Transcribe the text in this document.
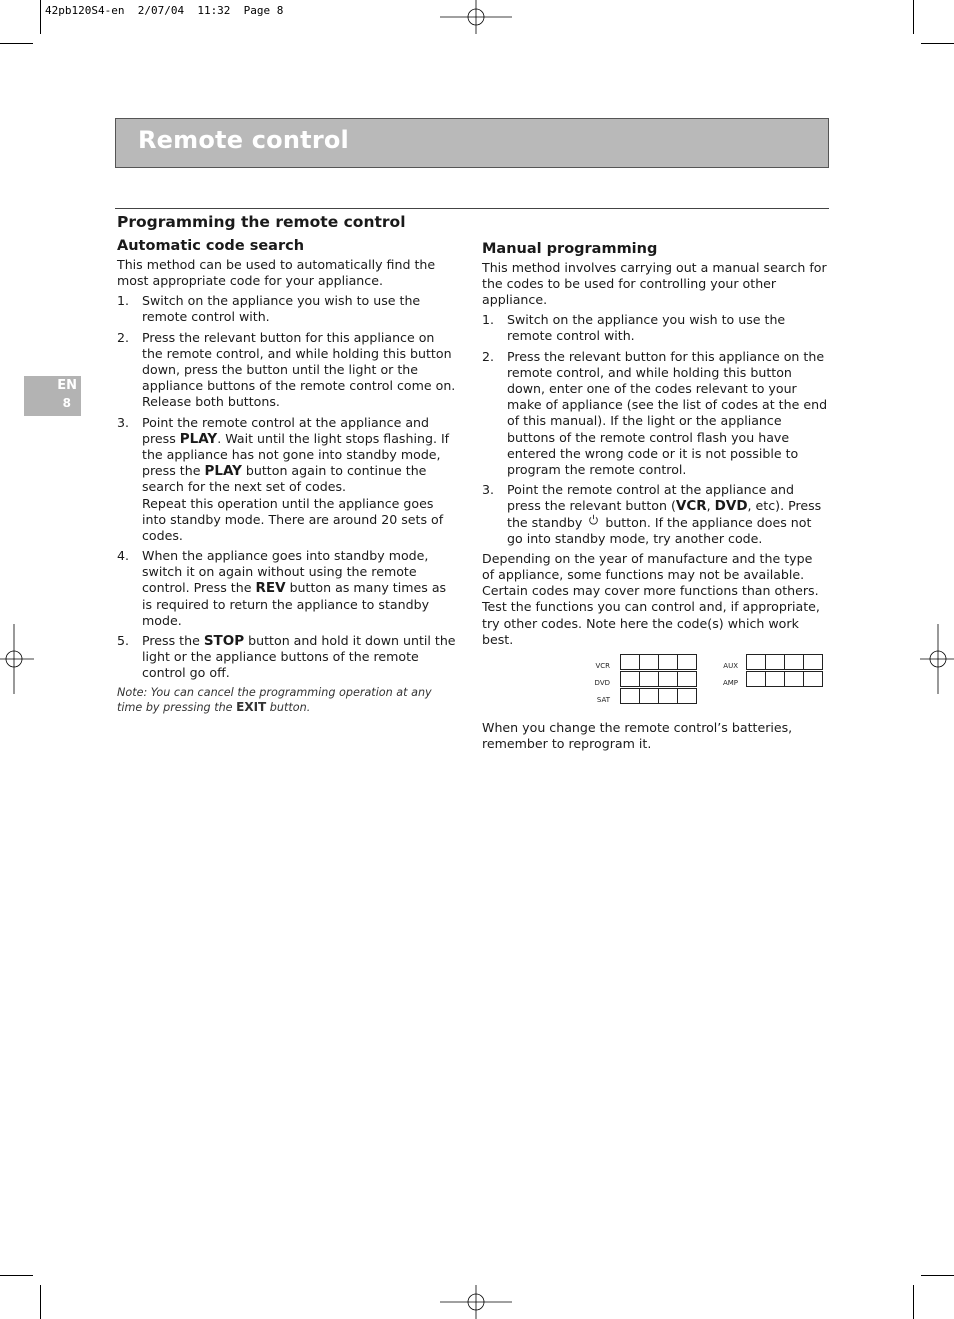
42pb120S4-en  2/07/04  11:32  Page 8
Remote control
EN
8
Programming the remote control
Automatic code search

This method can be used to automatically find the most appropriate code for your appliance.

1. Switch on the appliance you wish to use the remote control with.
2. Press the relevant button for this appliance on the remote control, and while holding this button down, press the button until the light or the appliance buttons of the remote control come on. Release both buttons.
3. Point the remote control at the appliance and press PLAY. Wait until the light stops flashing. If the appliance has not gone into standby mode, press the PLAY button again to continue the search for the next set of codes.
Repeat this operation until the appliance goes into standby mode. There are around 20 sets of codes.
4. When the appliance goes into standby mode, switch it on again without using the remote control. Press the REV button as many times as is required to return the appliance to standby mode.
5. Press the STOP button and hold it down until the light or the appliance buttons of the remote control go off.
Note: You can cancel the programming operation at any time by pressing the EXIT button.
Manual programming

This method involves carrying out a manual search for the codes to be used for controlling your other appliance.

1. Switch on the appliance you wish to use the remote control with.
2. Press the relevant button for this appliance on the remote control, and while holding this button down, enter one of the codes relevant to your make of appliance (see the list of codes at the end of this manual). If the light or the appliance buttons of the remote control flash you have entered the wrong code or it is not possible to program the remote control.
3. Point the remote control at the appliance and press the relevant button (VCR, DVD, etc). Press the standby  button. If the appliance does not go into standby mode, try another code.

Depending on the year of manufacture and the type of appliance, some functions may not be available. Certain codes may cover more functions than others. Test the functions you can control and, if appropriate, try other codes. Note here the code(s) which work best.

VCR
DVD
SAT
AUX
AMP

When you change the remote control’s batteries, remember to reprogram it.
